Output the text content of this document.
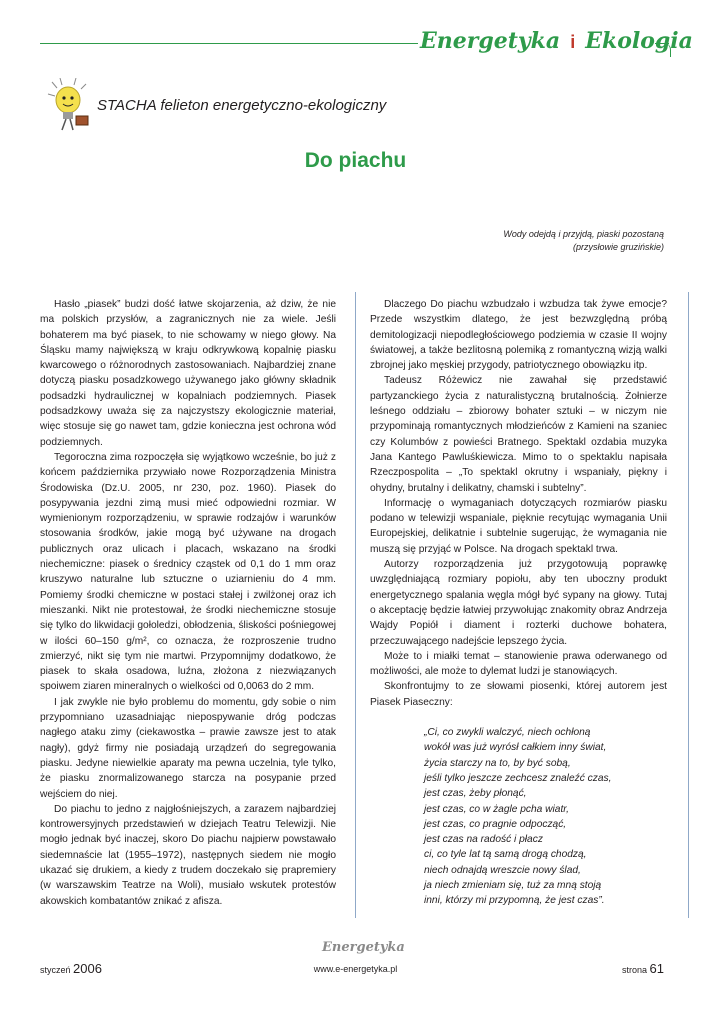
Energetyka i Ekologia
STACHA felieton energetyczno-ekologiczny
Do piachu
Wody odejdą i przyjdą, piaski pozostaną
(przysłowie gruzińskie)

Hasło „piasek” budzi dość łatwe skojarzenia, aż dziw, że nie ma polskich przysłów, a zagranicznych nie za wiele. Jeśli bohaterem ma być piasek, to nie schowamy w niego głowy. Na Śląsku mamy największą w kraju odkrywkową kopalnię piasku kwarcowego o różnorodnych zastosowaniach. Najbardziej znane dotyczą piasku posadzkowego używanego jako główny składnik podsadzki hydraulicznej w kopalniach podziemnych. Piasek podsadzkowy uważa się za najczystszy ekologicznie materiał, więc stosuje się go nawet tam, gdzie koniecznа jest ochrona wód podziemnych.

Tegoroczna zima rozpoczęła się wyjątkowo wcześnie, bo już z końcem października przywiało nowe Rozporządzenia Ministra Środowiska (Dz.U. 2005, nr 230, poz. 1960). Piasek do posypywania jezdni zimą musi mieć odpowiedni rozmiar. W wymienionym rozporządzeniu, w sprawie rodzajów i warunków stosowania środków, jakie mogą być używane na drogach publicznych oraz ulicach i placach, wskazano na środki niechemiczne: piasek o średnicy cząstek od 0,1 do 1 mm oraz kruszywo naturalne lub sztuczne o uziarnieniu do 4 mm. Pomiemy środki chemiczne w postaci stałej i zwilżonej oraz ich mieszanki. Nikt nie protestował, że środki niechemiczne stosuje się tylko do likwidacji gołoledzi, obłodzenia, śliskości pośniegowej w ilości 60–150 g/m², co oznacza, że rozproszenie trudno zmierzyć, nikt się tym nie martwi. Przypomnijmy dodatkowo, że piasek to skała osadowa, luźna, złożona z niezwiązanych spoiwem ziaren mineralnych o wielkości od 0,0063 do 2 mm.

I jak zwykle nie było problemu do momentu, gdy sobie o nim przypomniano uzasadniając niepospywanie dróg podczas nagłego ataku zimy (ciekawostka – prawie zawsze jest to atak nagły), gdyż firmy nie posiadają urządzeń do segregowania piasku. Jedyne niewielkie aparaty ma pewna uczelnia, tyle tylko, że piasku znormalizowanego starcza na posypanie przed wejściem do niej.

Do piachu to jedno z najgłośniejszych, a zarazem najbardziej kontrowersyjnych przedstawień w dziejach Teatru Telewizji. Nie mogło jednak być inaczej, skoro Do piachu najpierw powstawało siedemnaście lat (1955–1972), następnych siedem nie mogło ukazać się drukiem, a kiedy z trudem doczekało się prapremiery (w warszawskim Teatrze na Woli), musiało wskutek protestów akowskich kombatantów znikać z afisza.

Dlaczego Do piachu wzbudzało i wzbudza tak żywe emocje? Przede wszystkim dlatego, że jest bezwzględną próbą demitologizacji niepodległościowego podziemia w czasie II wojny światowej, a także bezlitosną polemiką z romantyczną wizją walki zbrojnej jako męskiej przygody, patriotycznego obowiązku itp.

Tadeusz Różewicz nie zawahał się przedstawić partyzanckiego życia z naturalistyczną brutalnością. Żołnierze leśnego oddziału – zbiorowy bohater sztuki – w niczym nie przypominają romantycznych młodzieńców z Kamieni na szaniec czy Kolumbów z powieści Bratnego. Spektakl ozdabia muzyka Jana Kantego Pawluśkiewicza. Mimo to o spektaklu napisała Rzeczpospolita – „To spektakl okrutny i wspaniały, piękny i ohydny, brutalny i delikatny, chamski i subtelny”.

Informację o wymaganiach dotyczących rozmiarów piasku podano w telewizji wspaniale, pięknie recytując wymagania Unii Europejskiej, delikatnie i subtelnie sugerując, że wymagania nie muszą się przyjąć w Polsce. Na drogach spektakl trwa.

Autorzy rozporządzenia już przygotowują poprawkę uwzględniającą rozmiary popiołu, aby ten uboczny produkt energetycznego spalania węgla mógł być sypany na głowy. Tutaj o akceptację będzie łatwiej przywołując znakomity obraz Andrzeja Wajdy Popiół i diament i rozterki duchowe bohatera, przeczuwającego nadejście lepszego życia.

Może to i miałki temat – stanowienie prawa oderwanego od możliwości, ale może to dylemat ludzi je stanowiących.

Skonfrontujmy to ze słowami piosenki, której autorem jest Piasek Piaseczny:

„Ci, co zwykli walczyć, niech ochłoną
wokół was już wyrósł całkiem inny świat,
życia starczy na to, by być sobą,
jeśli tylko jeszcze zechcesz znaleźć czas,
jest czas, żeby płonąć,
jest czas, co w żagle pcha wiatr,
jest czas, co pragnie odpocząć,
jest czas na radość i płacz
ci, co tyle lat tą samą drogą chodzą,
niech odnajdą wreszcie nowy ślad,
ja niech zmieniam się, tuż za mną stoją
inni, którzy mi przypomną, że jest czas”.
Energetyka
styczeń 2006	www.e-energetyka.pl	strona 61
